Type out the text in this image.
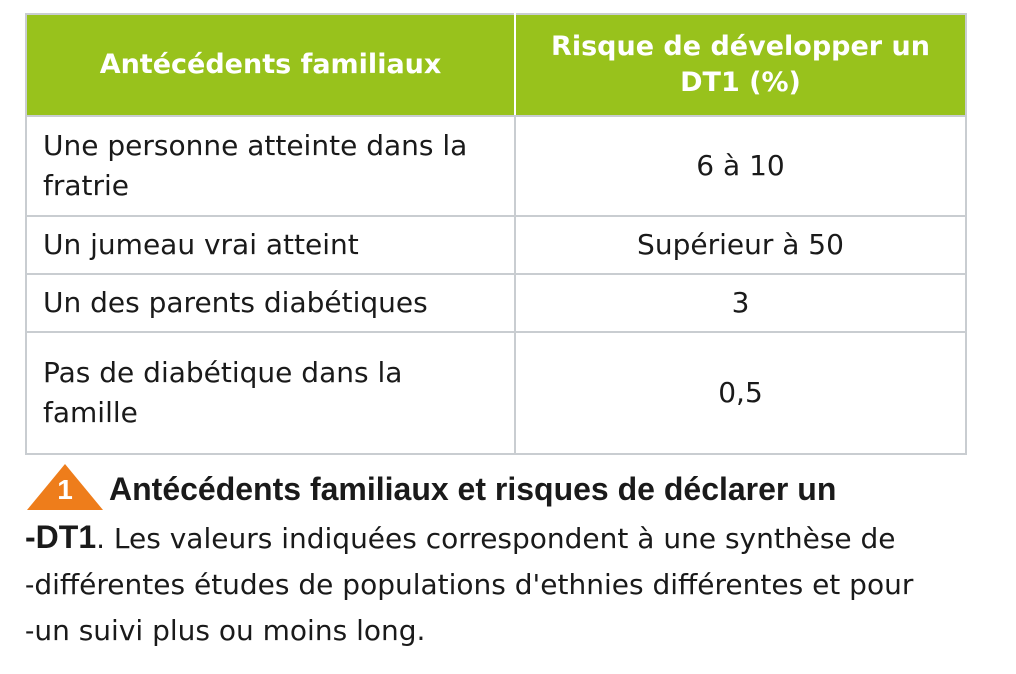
Antécédents familiaux	Risque de développer un DT1 (%)
Une personne atteinte dans la fratrie	6 à 10
Un jumeau vrai atteint	Supérieur à 50
Un des parents diabétiques	3
Pas de diabétique dans la famille	0,5
1	Antécédents familiaux et risques de déclarer un
-DT1. Les valeurs indiquées correspondent à une synthèse de
-différentes études de populations d'ethnies différentes et pour
-un suivi plus ou moins long.
